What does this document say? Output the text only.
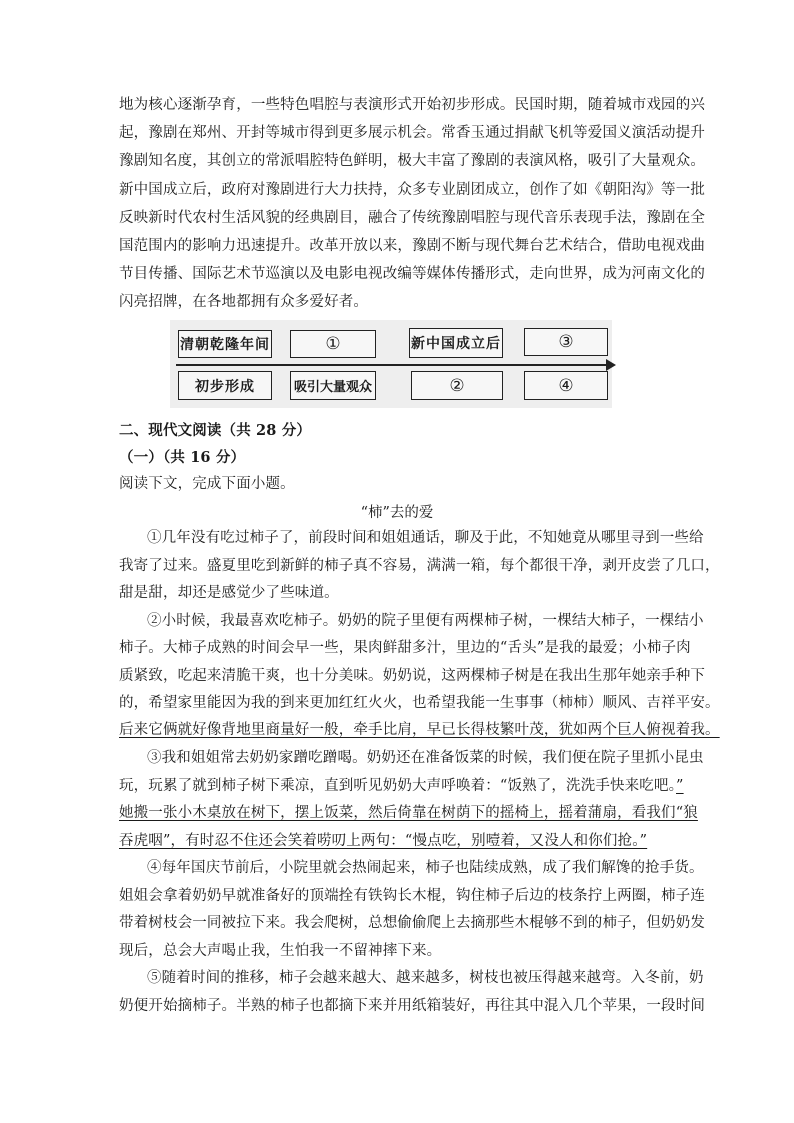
地为核心逐渐孕育，一些特色唱腔与表演形式开始初步形成。民国时期，随着城市戏园的兴
起，豫剧在郑州、开封等城市得到更多展示机会。常香玉通过捐献飞机等爱国义演活动提升
豫剧知名度，其创立的常派唱腔特色鲜明，极大丰富了豫剧的表演风格，吸引了大量观众。
新中国成立后，政府对豫剧进行大力扶持，众多专业剧团成立，创作了如《朝阳沟》等一批
反映新时代农村生活风貌的经典剧目，融合了传统豫剧唱腔与现代音乐表现手法，豫剧在全
国范围内的影响力迅速提升。改革开放以来，豫剧不断与现代舞台艺术结合，借助电视戏曲
节目传播、国际艺术节巡演以及电影电视改编等媒体传播形式，走向世界，成为河南文化的
闪亮招牌，在各地都拥有众多爱好者。
清朝乾隆年间	①	新中国成立后	③
初步形成	吸引大量观众	②	④
二、现代文阅读（共 28 分）
（一）（共 16 分）
阅读下文，完成下面小题。
“柿”去的爱
①几年没有吃过柿子了，前段时间和姐姐通话，聊及于此，不知她竟从哪里寻到一些给
我寄了过来。盛夏里吃到新鲜的柿子真不容易，满满一箱，每个都很干净，剥开皮尝了几口，
甜是甜，却还是感觉少了些味道。
②小时候，我最喜欢吃柿子。奶奶的院子里便有两棵柿子树，一棵结大柿子，一棵结小
柿子。大柿子成熟的时间会早一些，果肉鲜甜多汁，里边的“舌头”是我的最爱；小柿子肉
质紧致，吃起来清脆干爽，也十分美味。奶奶说，这两棵柿子树是在我出生那年她亲手种下
的，希望家里能因为我的到来更加红红火火，也希望我能一生事事（柿柿）顺风、吉祥平安。
后来它俩就好像背地里商量好一般，牵手比肩，早已长得枝繁叶茂，犹如两个巨人俯视着我。
③我和姐姐常去奶奶家蹭吃蹭喝。奶奶还在准备饭菜的时候，我们便在院子里抓小昆虫
玩，玩累了就到柿子树下乘凉，直到听见奶奶大声呼唤着：“饭熟了，洗洗手快来吃吧。”
她搬一张小木桌放在树下，摆上饭菜，然后倚靠在树荫下的摇椅上，摇着蒲扇，看我们“狼
吞虎咽”，有时忍不住还会笑着唠叨上两句：“慢点吃，别噎着，又没人和你们抢。”
④每年国庆节前后，小院里就会热闹起来，柿子也陆续成熟，成了我们解馋的抢手货。
姐姐会拿着奶奶早就准备好的顶端拴有铁钩长木棍，钩住柿子后边的枝条拧上两圈，柿子连
带着树枝会一同被拉下来。我会爬树，总想偷偷爬上去摘那些木棍够不到的柿子，但奶奶发
现后，总会大声喝止我，生怕我一不留神摔下来。
⑤随着时间的推移，柿子会越来越大、越来越多，树枝也被压得越来越弯。入冬前，奶
奶便开始摘柿子。半熟的柿子也都摘下来并用纸箱装好，再往其中混入几个苹果，一段时间
